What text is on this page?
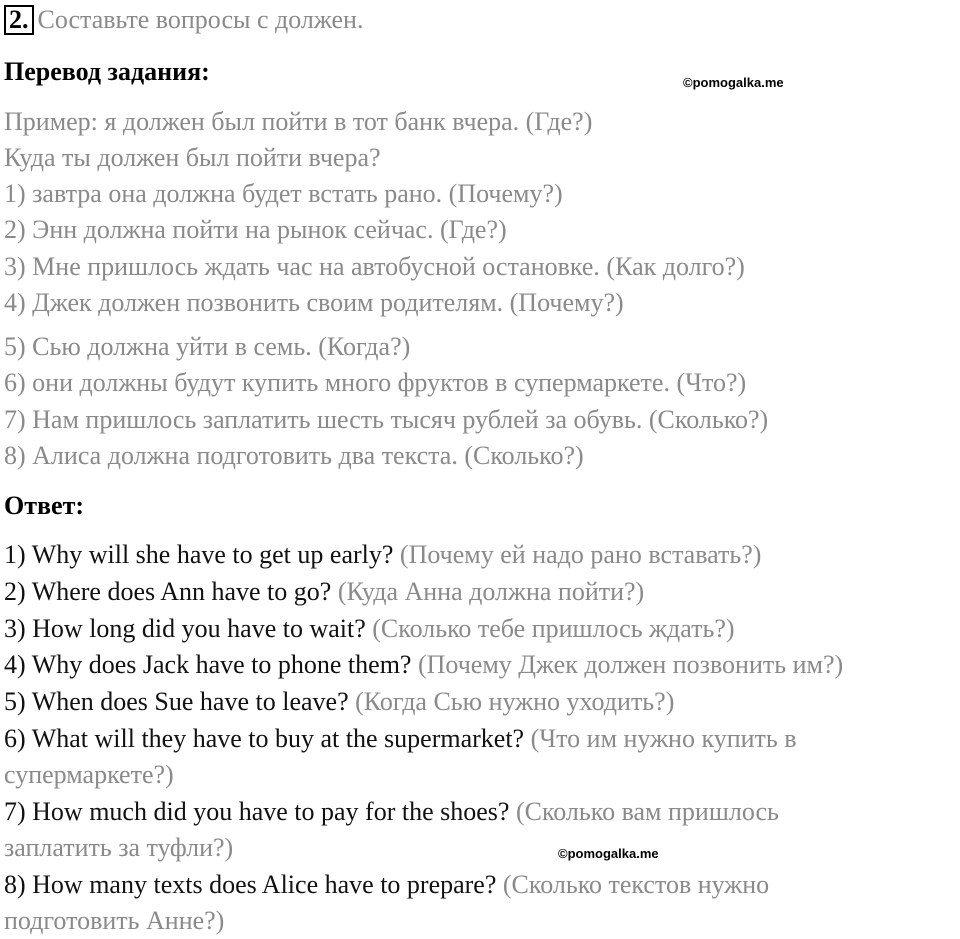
2. Составьте вопросы с должен.
Перевод задания:	©pomogalka.me
Пример: я должен был пойти в тот банк вчера. (Где?)
Куда ты должен был пойти вчера?
1) завтра она должна будет встать рано. (Почему?)
2) Энн должна пойти на рынок сейчас. (Где?)
3) Мне пришлось ждать час на автобусной остановке. (Как долго?)
4) Джек должен позвонить своим родителям. (Почему?)
5) Сью должна уйти в семь. (Когда?)
6) они должны будут купить много фруктов в супермаркете. (Что?)
7) Нам пришлось заплатить шесть тысяч рублей за обувь. (Сколько?)
8) Алиса должна подготовить два текста. (Сколько?)
Ответ:
1) Why will she have to get up early? (Почему ей надо рано вставать?)
2) Where does Ann have to go? (Куда Анна должна пойти?)
3) How long did you have to wait? (Сколько тебе пришлось ждать?)
4) Why does Jack have to phone them? (Почему Джек должен позвонить им?)
5) When does Sue have to leave? (Когда Сью нужно уходить?)
6) What will they have to buy at the supermarket? (Что им нужно купить в
супермаркете?)
7) How much did you have to pay for the shoes? (Сколько вам пришлось
заплатить за туфли?)	©pomogalka.me
8) How many texts does Alice have to prepare? (Сколько текстов нужно
подготовить Анне?)
